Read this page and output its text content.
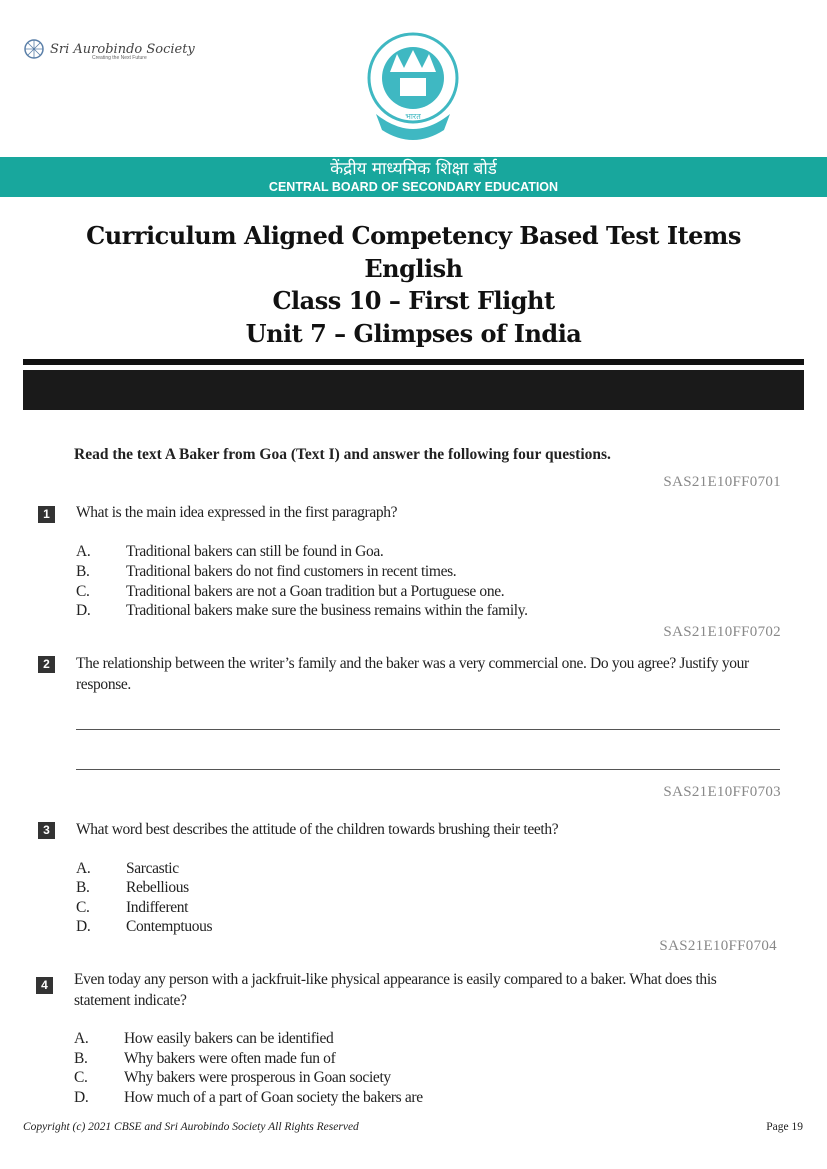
Sri Aurobindo Society
Creating the Next Future
भारत
केंद्रीय माध्यमिक शिक्षा बोर्ड
CENTRAL BOARD OF SECONDARY EDUCATION
Curriculum Aligned Competency Based Test Items
English
Class 10 – First Flight
Unit 7 – Glimpses of India
Read the text A Baker from Goa (Text I) and answer the following four questions.
SAS21E10FF0701
1	What is the main idea expressed in the first paragraph?
A. Traditional bakers can still be found in Goa.
B. Traditional bakers do not find customers in recent times.
C. Traditional bakers are not a Goan tradition but a Portuguese one.
D. Traditional bakers make sure the business remains within the family.
SAS21E10FF0702
2	The relationship between the writer’s family and the baker was a very commercial one. Do you agree? Justify your response.
SAS21E10FF0703
3	What word best describes the attitude of the children towards brushing their teeth?
A. Sarcastic
B. Rebellious
C. Indifferent
D. Contemptuous
SAS21E10FF0704
4	Even today any person with a jackfruit-like physical appearance is easily compared to a baker. What does this statement indicate?
A. How easily bakers can be identified
B. Why bakers were often made fun of
C. Why bakers were prosperous in Goan society
D. How much of a part of Goan society the bakers are
Copyright (c) 2021 CBSE and Sri Aurobindo Society All Rights Reserved	Page 19
